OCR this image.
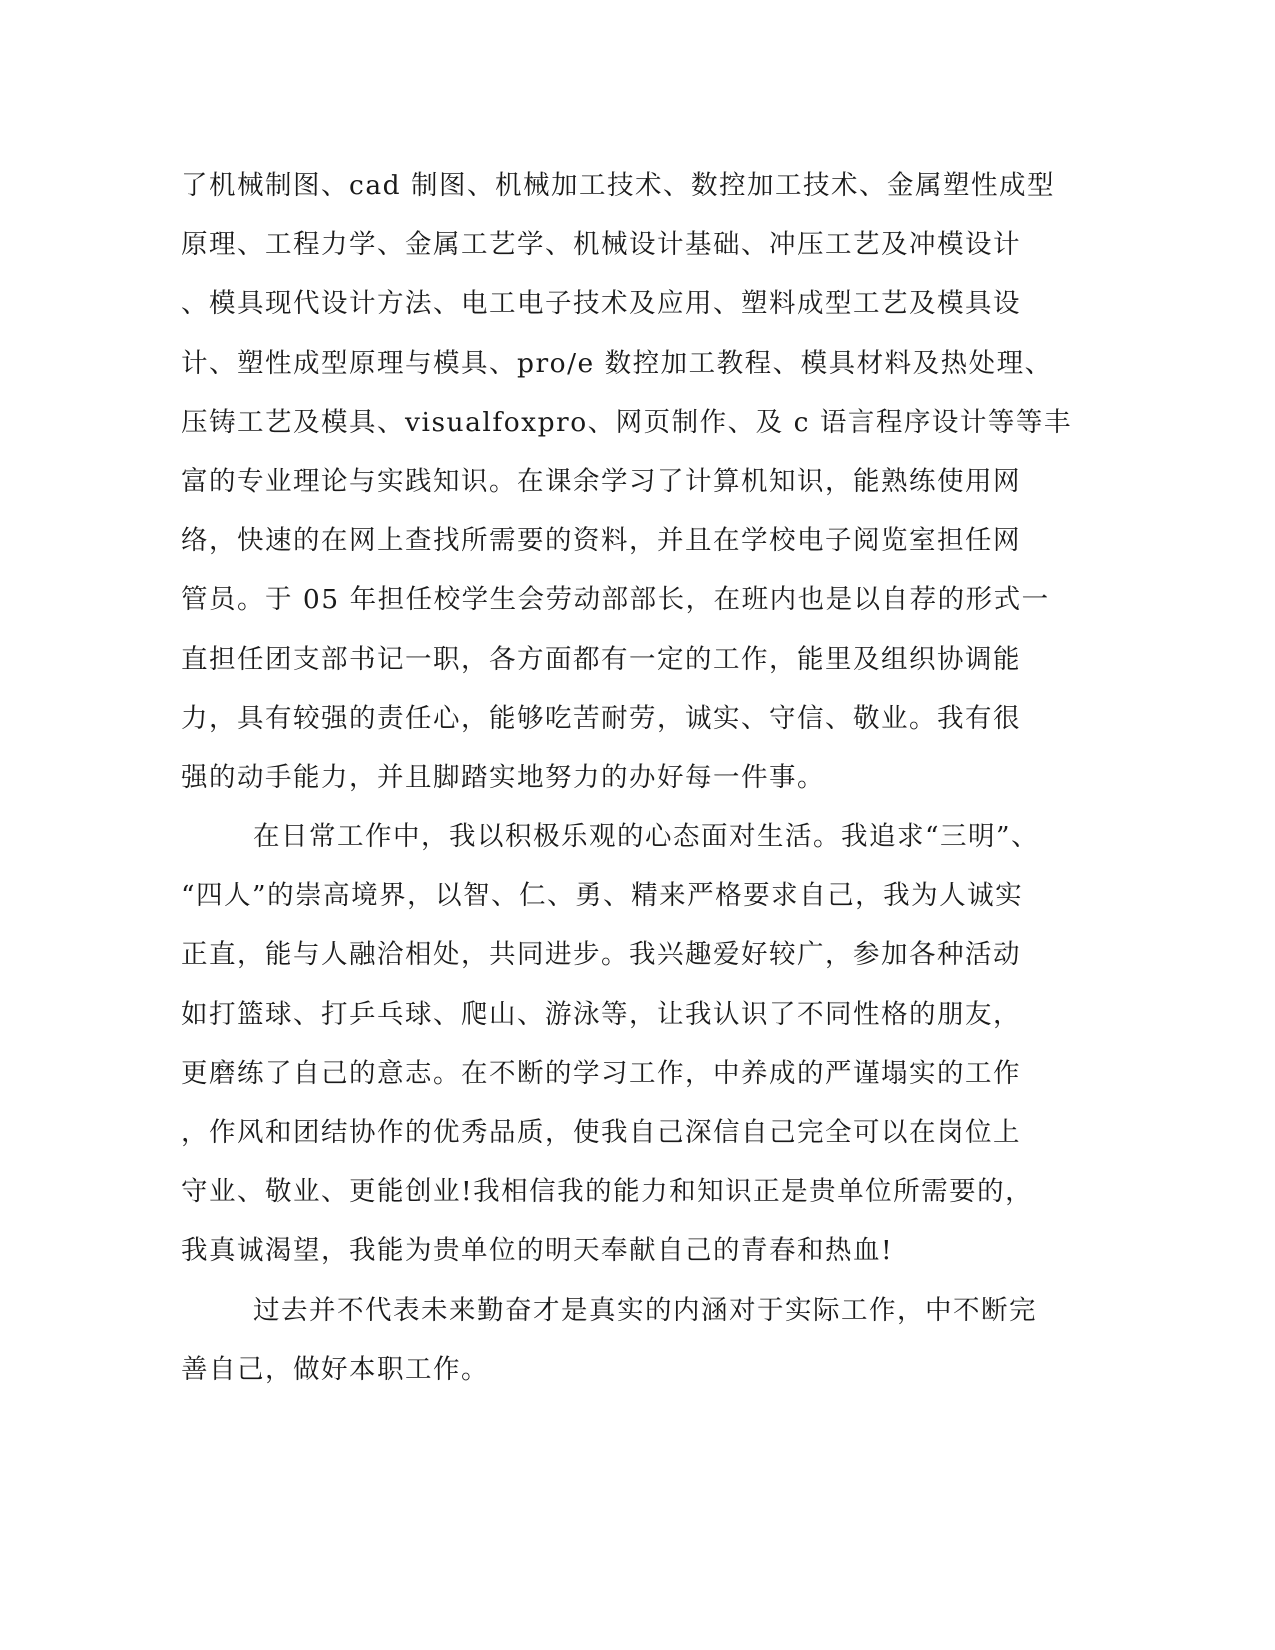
了机械制图、cad 制图、机械加工技术、数控加工技术、金属塑性成型
原理、工程力学、金属工艺学、机械设计基础、冲压工艺及冲模设计
、模具现代设计方法、电工电子技术及应用、塑料成型工艺及模具设
计、塑性成型原理与模具、pro/e 数控加工教程、模具材料及热处理、
压铸工艺及模具、visualfoxpro、网页制作、及 c 语言程序设计等等丰
富的专业理论与实践知识。在课余学习了计算机知识，能熟练使用网
络，快速的在网上查找所需要的资料，并且在学校电子阅览室担任网
管员。于 05 年担任校学生会劳动部部长，在班内也是以自荐的形式一
直担任团支部书记一职，各方面都有一定的工作，能里及组织协调能
力，具有较强的责任心，能够吃苦耐劳，诚实、守信、敬业。我有很
强的动手能力，并且脚踏实地努力的办好每一件事。
在日常工作中，我以积极乐观的心态面对生活。我追求“三明”、
“四人”的崇高境界，以智、仁、勇、精来严格要求自己，我为人诚实
正直，能与人融洽相处，共同进步。我兴趣爱好较广，参加各种活动
如打篮球、打乒乓球、爬山、游泳等，让我认识了不同性格的朋友，
更磨练了自己的意志。在不断的学习工作，中养成的严谨塌实的工作
，作风和团结协作的优秀品质，使我自己深信自己完全可以在岗位上
守业、敬业、更能创业!我相信我的能力和知识正是贵单位所需要的，
我真诚渴望，我能为贵单位的明天奉献自己的青春和热血!
过去并不代表未来勤奋才是真实的内涵对于实际工作，中不断完
善自己，做好本职工作。
